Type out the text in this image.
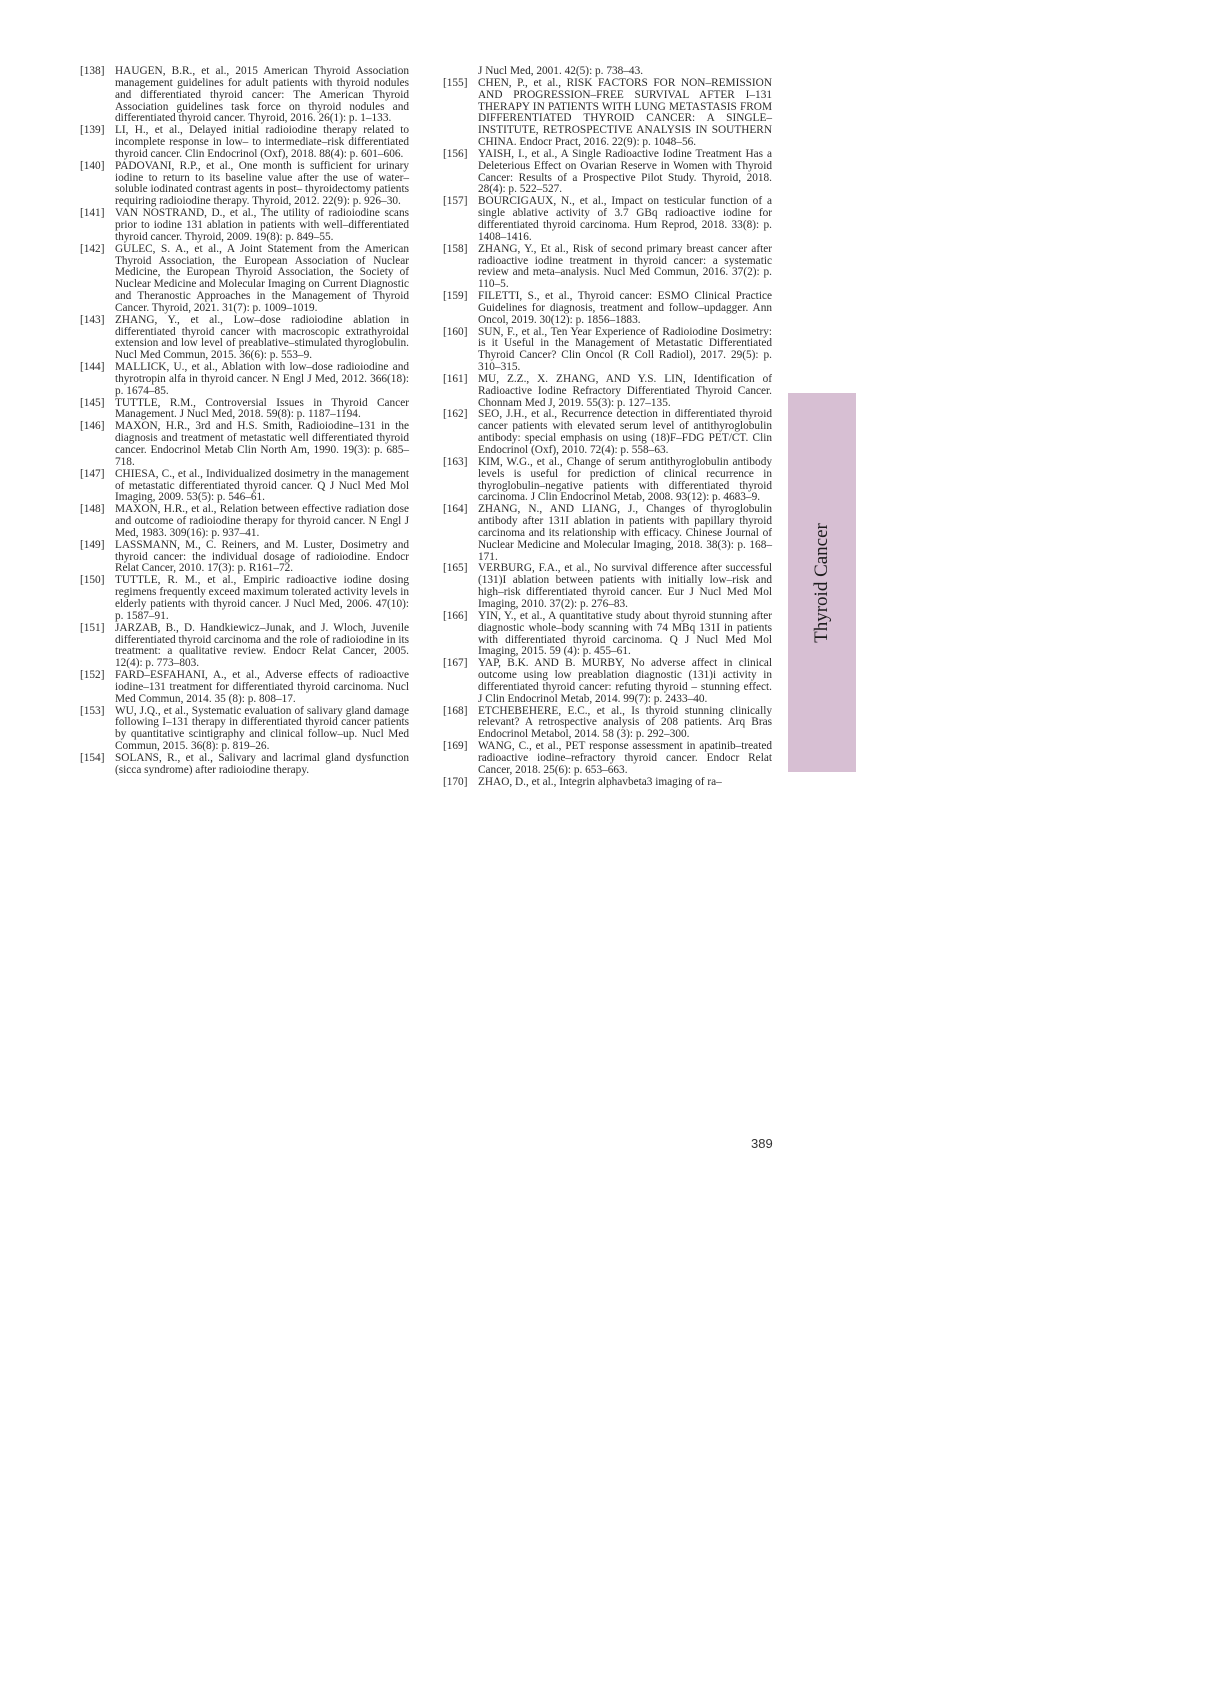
[138] HAUGEN, B.R., et al., 2015 American Thyroid Association management guidelines for adult patients with thyroid nodules and differentiated thyroid cancer: The American Thyroid Association guidelines task force on thyroid nodules and differentiated thyroid cancer. Thyroid, 2016. 26(1): p. 1–133.

[139] LI, H., et al., Delayed initial radioiodine therapy related to incomplete response in low– to intermediate–risk differentiated thyroid cancer. Clin Endocrinol (Oxf), 2018. 88(4): p. 601–606.

[140] PADOVANI, R.P., et al., One month is sufficient for urinary iodine to return to its baseline value after the use of water–soluble iodinated contrast agents in post– thyroidectomy patients requiring radioiodine therapy. Thyroid, 2012. 22(9): p. 926–30.

[141] VAN NOSTRAND, D., et al., The utility of radioiodine scans prior to iodine 131 ablation in patients with well–differentiated thyroid cancer. Thyroid, 2009. 19(8): p. 849–55.

[142] GULEC, S. A., et al., A Joint Statement from the American Thyroid Association, the European Association of Nuclear Medicine, the European Thyroid Association, the Society of Nuclear Medicine and Molecular Imaging on Current Diagnostic and Theranostic Approaches in the Management of Thyroid Cancer. Thyroid, 2021. 31(7): p. 1009–1019.

[143] ZHANG, Y., et al., Low–dose radioiodine ablation in differentiated thyroid cancer with macroscopic extrathyroidal extension and low level of preablative–stimulated thyroglobulin. Nucl Med Commun, 2015. 36(6): p. 553–9.

[144] MALLICK, U., et al., Ablation with low–dose radioiodine and thyrotropin alfa in thyroid cancer. N Engl J Med, 2012. 366(18): p. 1674–85.

[145] TUTTLE, R.M., Controversial Issues in Thyroid Cancer Management. J Nucl Med, 2018. 59(8): p. 1187–1194.

[146] MAXON, H.R., 3rd and H.S. Smith, Radioiodine–131 in the diagnosis and treatment of metastatic well differentiated thyroid cancer. Endocrinol Metab Clin North Am, 1990. 19(3): p. 685–718.

[147] CHIESA, C., et al., Individualized dosimetry in the management of metastatic differentiated thyroid cancer. Q J Nucl Med Mol Imaging, 2009. 53(5): p. 546–61.

[148] MAXON, H.R., et al., Relation between effective radiation dose and outcome of radioiodine therapy for thyroid cancer. N Engl J Med, 1983. 309(16): p. 937–41.

[149] LASSMANN, M., C. Reiners, and M. Luster, Dosimetry and thyroid cancer: the individual dosage of radioiodine. Endocr Relat Cancer, 2010. 17(3): p. R161–72.

[150] TUTTLE, R. M., et al., Empiric radioactive iodine dosing regimens frequently exceed maximum tolerated activity levels in elderly patients with thyroid cancer. J Nucl Med, 2006. 47(10): p. 1587–91.

[151] JARZAB, B., D. Handkiewicz–Junak, and J. Wloch, Juvenile differentiated thyroid carcinoma and the role of radioiodine in its treatment: a qualitative review. Endocr Relat Cancer, 2005. 12(4): p. 773–803.

[152] FARD–ESFAHANI, A., et al., Adverse effects of radioactive iodine–131 treatment for differentiated thyroid carcinoma. Nucl Med Commun, 2014. 35 (8): p. 808–17.

[153] WU, J.Q., et al., Systematic evaluation of salivary gland damage following I–131 therapy in differentiated thyroid cancer patients by quantitative scintigraphy and clinical follow–up. Nucl Med Commun, 2015. 36(8): p. 819–26.

[154] SOLANS, R., et al., Salivary and lacrimal gland dysfunction (sicca syndrome) after radioiodine therapy.

J Nucl Med, 2001. 42(5): p. 738–43.

[155] CHEN, P., et al., RISK FACTORS FOR NON–REMISSION AND PROGRESSION–FREE SURVIVAL AFTER I–131 THERAPY IN PATIENTS WITH LUNG METASTASIS FROM DIFFERENTIATED THYROID CANCER: A SINGLE–INSTITUTE, RETROSPECTIVE ANALYSIS IN SOUTHERN CHINA. Endocr Pract, 2016. 22(9): p. 1048–56.

[156] YAISH, I., et al., A Single Radioactive Iodine Treatment Has a Deleterious Effect on Ovarian Reserve in Women with Thyroid Cancer: Results of a Prospective Pilot Study. Thyroid, 2018. 28(4): p. 522–527.

[157] BOURCIGAUX, N., et al., Impact on testicular function of a single ablative activity of 3.7 GBq radioactive iodine for differentiated thyroid carcinoma. Hum Reprod, 2018. 33(8): p. 1408–1416.

[158] ZHANG, Y., Et al., Risk of second primary breast cancer after radioactive iodine treatment in thyroid cancer: a systematic review and meta–analysis. Nucl Med Commun, 2016. 37(2): p. 110–5.

[159] FILETTI, S., et al., Thyroid cancer: ESMO Clinical Practice Guidelines for diagnosis, treatment and follow–updagger. Ann Oncol, 2019. 30(12): p. 1856–1883.

[160] SUN, F., et al., Ten Year Experience of Radioiodine Dosimetry: is it Useful in the Management of Metastatic Differentiated Thyroid Cancer? Clin Oncol (R Coll Radiol), 2017. 29(5): p. 310–315.

[161] MU, Z.Z., X. ZHANG, AND Y.S. LIN, Identification of Radioactive Iodine Refractory Differentiated Thyroid Cancer. Chonnam Med J, 2019. 55(3): p. 127–135.

[162] SEO, J.H., et al., Recurrence detection in differentiated thyroid cancer patients with elevated serum level of antithyroglobulin antibody: special emphasis on using (18)F–FDG PET/CT. Clin Endocrinol (Oxf), 2010. 72(4): p. 558–63.

[163] KIM, W.G., et al., Change of serum antithyroglobulin antibody levels is useful for prediction of clinical recurrence in thyroglobulin–negative patients with differentiated thyroid carcinoma. J Clin Endocrinol Metab, 2008. 93(12): p. 4683–9.

[164] ZHANG, N., AND LIANG, J., Changes of thyroglobulin antibody after 131I ablation in patients with papillary thyroid carcinoma and its relationship with efficacy. Chinese Journal of Nuclear Medicine and Molecular Imaging, 2018. 38(3): p. 168–171.

[165] VERBURG, F.A., et al., No survival difference after successful (131)I ablation between patients with initially low–risk and high–risk differentiated thyroid cancer. Eur J Nucl Med Mol Imaging, 2010. 37(2): p. 276–83.

[166] YIN, Y., et al., A quantitative study about thyroid stunning after diagnostic whole–body scanning with 74 MBq 131I in patients with differentiated thyroid carcinoma. Q J Nucl Med Mol Imaging, 2015. 59 (4): p. 455–61.

[167] YAP, B.K. AND B. MURBY, No adverse affect in clinical outcome using low preablation diagnostic (131)i activity in differentiated thyroid cancer: refuting thyroid – stunning effect. J Clin Endocrinol Metab, 2014. 99(7): p. 2433–40.

[168] ETCHEBEHERE, E.C., et al., Is thyroid stunning clinically relevant? A retrospective analysis of 208 patients. Arq Bras Endocrinol Metabol, 2014. 58 (3): p. 292–300.

[169] WANG, C., et al., PET response assessment in apatinib–treated radioactive iodine–refractory thyroid cancer. Endocr Relat Cancer, 2018. 25(6): p. 653–663.

[170] ZHAO, D., et al., Integrin alphavbeta3 imaging of ra–

Thyroid Cancer
389
